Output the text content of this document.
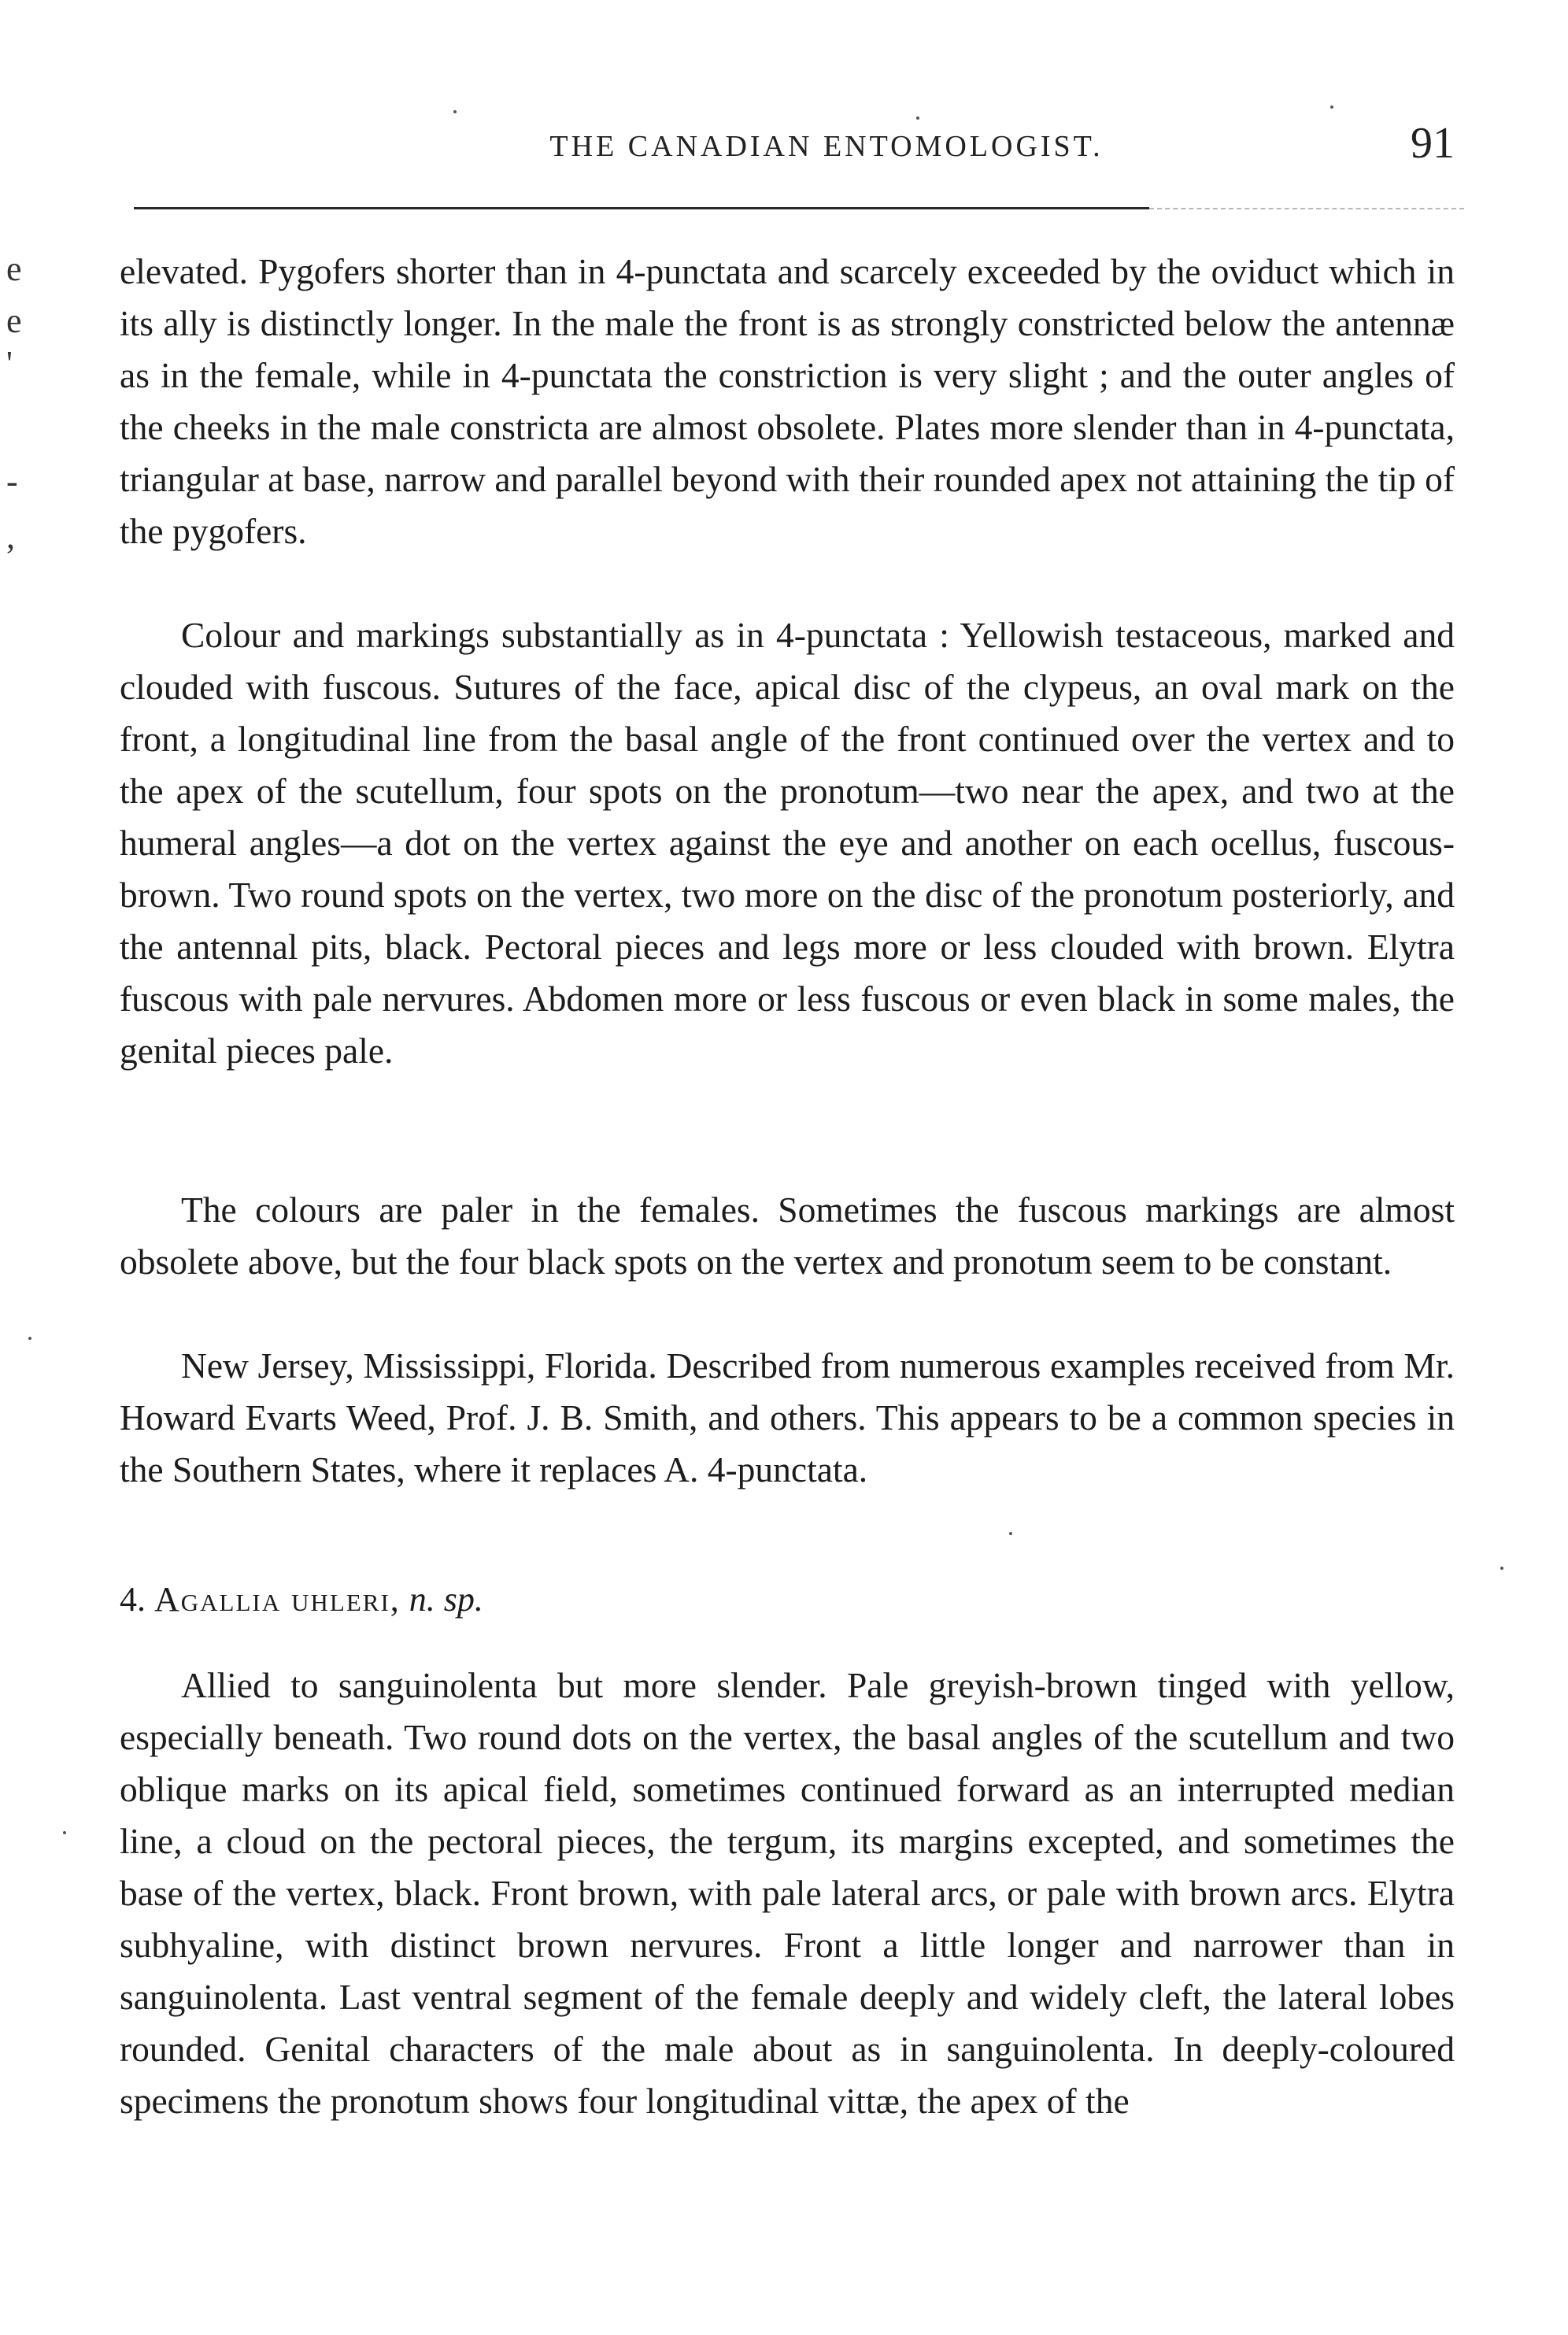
THE CANADIAN ENTOMOLOGIST.	91
e
e
'
-
,

elevated. Pygofers shorter than in 4-punctata and scarcely exceeded by the oviduct which in its ally is distinctly longer. In the male the front is as strongly constricted below the antennæ as in the female, while in 4-punctata the constriction is very slight ; and the outer angles of the cheeks in the male constricta are almost obsolete. Plates more slender than in 4-punctata, triangular at base, narrow and parallel beyond with their rounded apex not attaining the tip of the pygofers.

Colour and markings substantially as in 4-punctata : Yellowish testaceous, marked and clouded with fuscous. Sutures of the face, apical disc of the clypeus, an oval mark on the front, a longitudinal line from the basal angle of the front continued over the vertex and to the apex of the scutellum, four spots on the pronotum—two near the apex, and two at the humeral angles—a dot on the vertex against the eye and another on each ocellus, fuscous-brown. Two round spots on the vertex, two more on the disc of the pronotum posteriorly, and the antennal pits, black. Pectoral pieces and legs more or less clouded with brown. Elytra fuscous with pale nervures. Abdomen more or less fuscous or even black in some males, the genital pieces pale.

The colours are paler in the females. Sometimes the fuscous markings are almost obsolete above, but the four black spots on the vertex and pronotum seem to be constant.

New Jersey, Mississippi, Florida. Described from numerous examples received from Mr. Howard Evarts Weed, Prof. J. B. Smith, and others. This appears to be a common species in the Southern States, where it replaces A. 4-punctata.

4. Agallia uhleri, n. sp.

Allied to sanguinolenta but more slender. Pale greyish-brown tinged with yellow, especially beneath. Two round dots on the vertex, the basal angles of the scutellum and two oblique marks on its apical field, sometimes continued forward as an interrupted median line, a cloud on the pectoral pieces, the tergum, its margins excepted, and sometimes the base of the vertex, black. Front brown, with pale lateral arcs, or pale with brown arcs. Elytra subhyaline, with distinct brown nervures. Front a little longer and narrower than in sanguinolenta. Last ventral segment of the female deeply and widely cleft, the lateral lobes rounded. Genital characters of the male about as in sanguinolenta. In deeply-coloured specimens the pronotum shows four longitudinal vittæ, the apex of the
